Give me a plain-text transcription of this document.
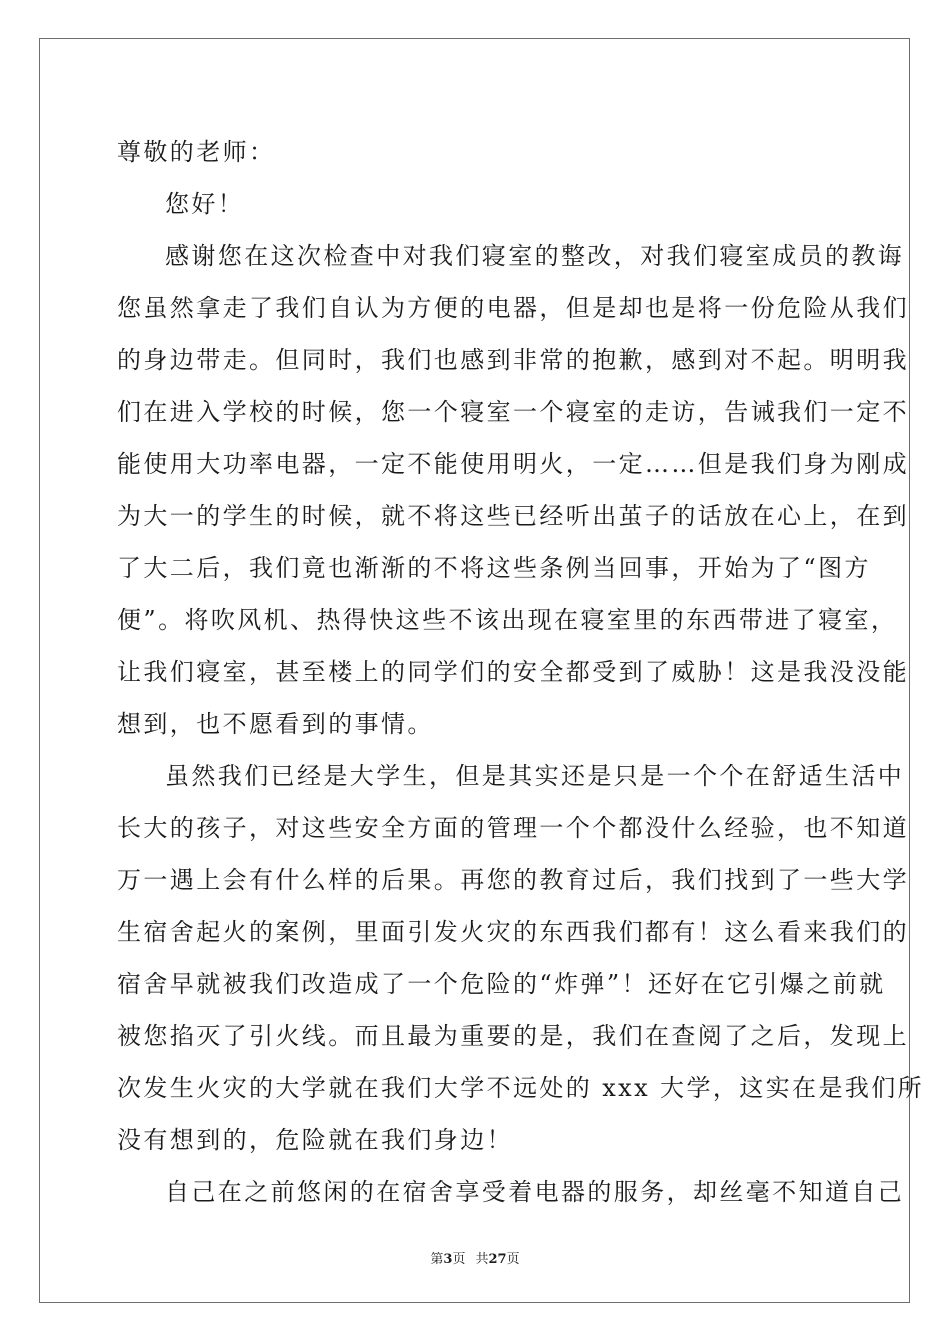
尊敬的老师：
您好！
感谢您在这次检查中对我们寝室的整改，对我们寝室成员的教诲
您虽然拿走了我们自认为方便的电器，但是却也是将一份危险从我们
的身边带走。但同时，我们也感到非常的抱歉，感到对不起。明明我
们在进入学校的时候，您一个寝室一个寝室的走访，告诫我们一定不
能使用大功率电器，一定不能使用明火，一定……但是我们身为刚成
为大一的学生的时候，就不将这些已经听出茧子的话放在心上，在到
了大二后，我们竟也渐渐的不将这些条例当回事，开始为了“图方
便”。将吹风机、热得快这些不该出现在寝室里的东西带进了寝室，
让我们寝室，甚至楼上的同学们的安全都受到了威胁！这是我没没能
想到，也不愿看到的事情。
虽然我们已经是大学生，但是其实还是只是一个个在舒适生活中
长大的孩子，对这些安全方面的管理一个个都没什么经验，也不知道
万一遇上会有什么样的后果。再您的教育过后，我们找到了一些大学
生宿舍起火的案例，里面引发火灾的东西我们都有！这么看来我们的
宿舍早就被我们改造成了一个危险的“炸弹”！还好在它引爆之前就
被您掐灭了引火线。而且最为重要的是，我们在查阅了之后，发现上
次发生火灾的大学就在我们大学不远处的 xxx 大学，这实在是我们所
没有想到的，危险就在我们身边！
自己在之前悠闲的在宿舍享受着电器的服务，却丝毫不知道自己
第3页 共27页
